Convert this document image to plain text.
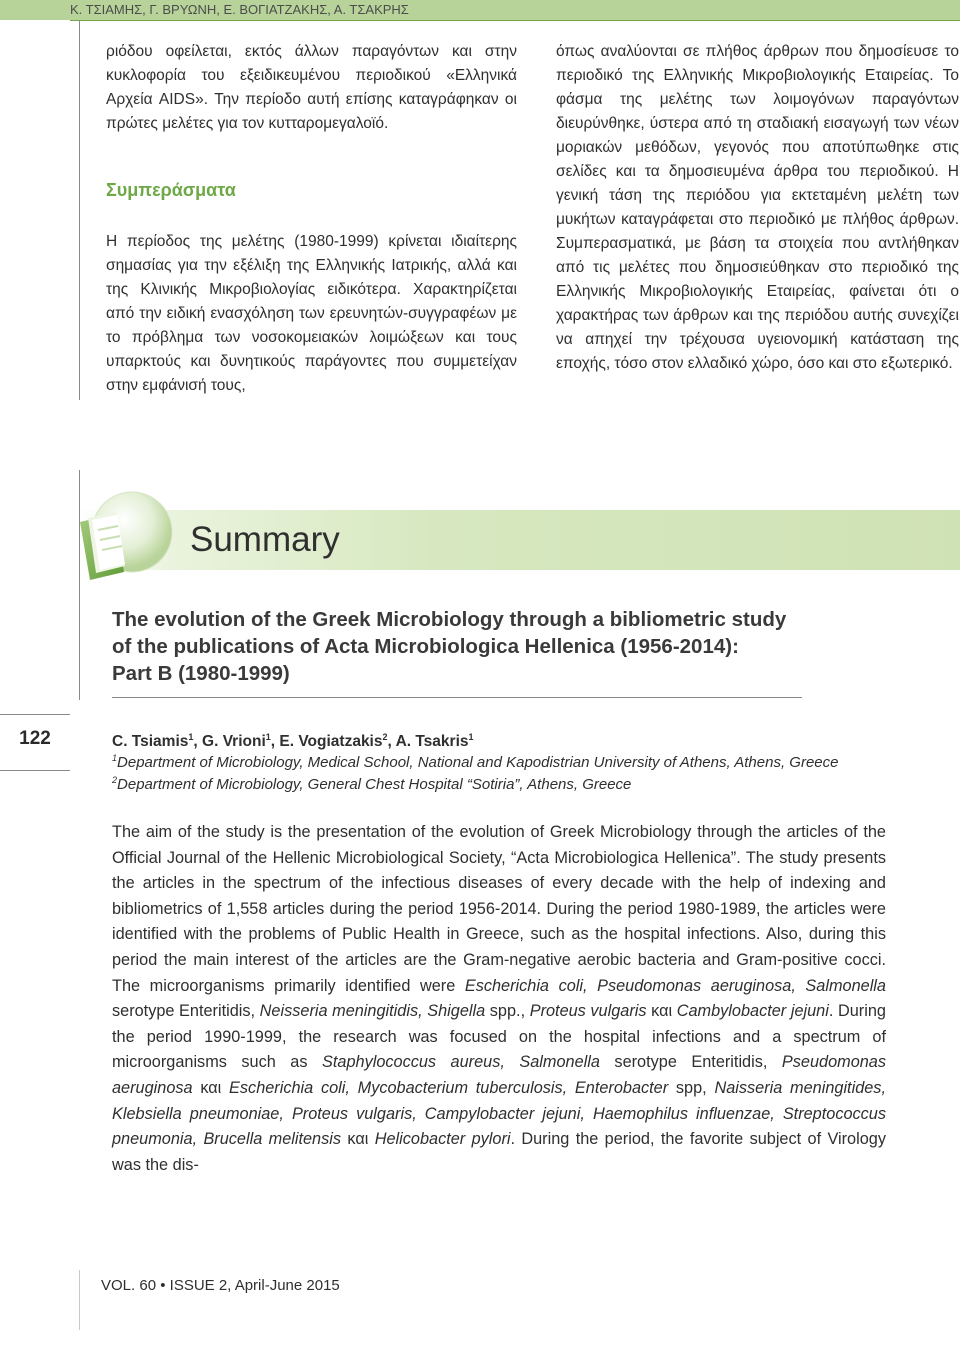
Κ. ΤΣΙΑΜΗΣ, Γ. ΒΡΥΩΝΗ, Ε. ΒΟΓΙΑΤΖΑΚΗΣ, Α. ΤΣΑΚΡΗΣ

ριόδου οφείλεται, εκτός άλλων παραγόντων και στην κυκλοφορία του εξειδικευμένου περιοδικού «Ελληνικά Αρχεία AIDS». Την περίοδο αυτή επίσης καταγράφηκαν οι πρώτες μελέτες για τον κυτταρομεγαλοϊό.

Συμπεράσματα

Η περίοδος της μελέτης (1980-1999) κρίνεται ιδιαίτερης σημασίας για την εξέλιξη της Ελληνικής Ιατρικής, αλλά και της Κλινικής Μικροβιολογίας ειδικότερα. Χαρακτηρίζεται από την ειδική ενασχόληση των ερευνητών-συγγραφέων με το πρόβλημα των νοσοκομειακών λοιμώξεων και τους υπαρκτούς και δυνητικούς παράγοντες που συμμετείχαν στην εμφάνισή τους,

όπως αναλύονται σε πλήθος άρθρων που δημοσίευσε το περιοδικό της Ελληνικής Μικροβιολογικής Εταιρείας. Το φάσμα της μελέτης των λοιμογόνων παραγόντων διευρύνθηκε, ύστερα από τη σταδιακή εισαγωγή των νέων μοριακών μεθόδων, γεγονός που αποτύπωθηκε στις σελίδες και τα δημοσιευμένα άρθρα του περιοδικού. Η γενική τάση της περιόδου για εκτεταμένη μελέτη των μυκήτων καταγράφεται στο περιοδικό με πλήθος άρθρων. Συμπερασματικά, με βάση τα στοιχεία που αντλήθηκαν από τις μελέτες που δημοσιεύθηκαν στο περιοδικό της Ελληνικής Μικροβιολογικής Εταιρείας, φαίνεται ότι ο χαρακτήρας των άρθρων και της περιόδου αυτής συνεχίζει να απηχεί την τρέχουσα υγειονομική κατάσταση της εποχής, τόσο στον ελλαδικό χώρο, όσο και στο εξωτερικό.

Summary
The evolution of the Greek Microbiology through a bibliometric study
of the publications of Acta Microbiologica Hellenica (1956-2014):
Part B (1980-1999)
122	C. Tsiamis$^1$, G. Vrioni$^1$, E. Vogiatzakis$^2$, A. Tsakris$^1$
$^1$Department of Microbiology, Medical School, National and Kapodistrian University of Athens, Athens, Greece
$^2$Department of Microbiology, General Chest Hospital “Sotiria”, Athens, Greece

The aim of the study is the presentation of the evolution of Greek Microbiology through the articles of the Official Journal of the Hellenic Microbiological Society, “Acta Microbiologica Hellenica”. The study presents the articles in the spectrum of the infectious diseases of every decade with the help of indexing and bibliometrics of 1,558 articles during the period 1956-2014. During the period 1980-1989, the articles were identified with the problems of Public Health in Greece, such as the hospital infections. Also, during this period the main interest of the articles are the Gram-negative aerobic bacteria and Gram-positive cocci. The microorganisms primarily identified were Escherichia coli, Pseudomonas aeruginosa, Salmonella serotype Enteritidis, Neisseria meningitidis, Shigella spp., Proteus vulgaris και Cambylobacter jejuni. During the period 1990-1999, the research was focused on the hospital infections and a spectrum of microorganisms such as Staphylococcus aureus, Salmonella serotype Enteritidis, Pseudomonas aeruginosa και Escherichia coli, Mycobacterium tuberculosis, Enterobacter spp, Naisseria meningitides, Klebsiella pneumoniae, Proteus vulgaris, Campylobacter jejuni, Haemophilus influenzae, Streptococcus pneumonia, Brucella melitensis και Helicobacter pylori. During the period, the favorite subject of Virology was the dis-

VOL. 60 • ISSUE 2, April-June 2015
